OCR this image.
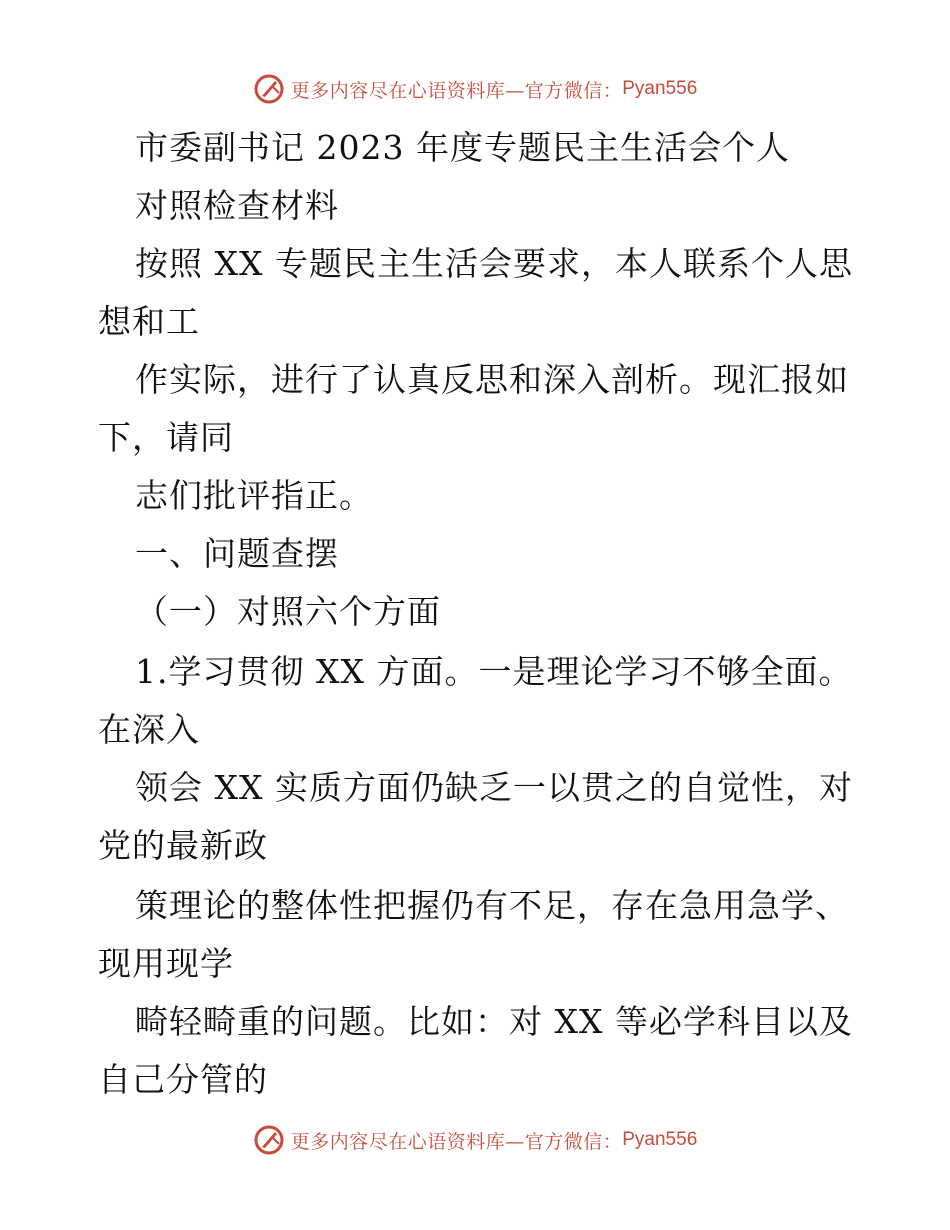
更多内容尽在心语资料库—官方微信： Pyan556
市委副书记 2023 年度专题民主生活会个人
对照检查材料
按照 XX 专题民主生活会要求，本人联系个人思
想和工
作实际，进行了认真反思和深入剖析。现汇报如
下，请同
志们批评指正。
一、问题查摆
（一）对照六个方面
1.学习贯彻 XX 方面。一是理论学习不够全面。
在深入
领会 XX 实质方面仍缺乏一以贯之的自觉性，对
党的最新政
策理论的整体性把握仍有不足，存在急用急学、
现用现学
畸轻畸重的问题。比如：对 XX 等必学科目以及
自己分管的
更多内容尽在心语资料库—官方微信： Pyan556
